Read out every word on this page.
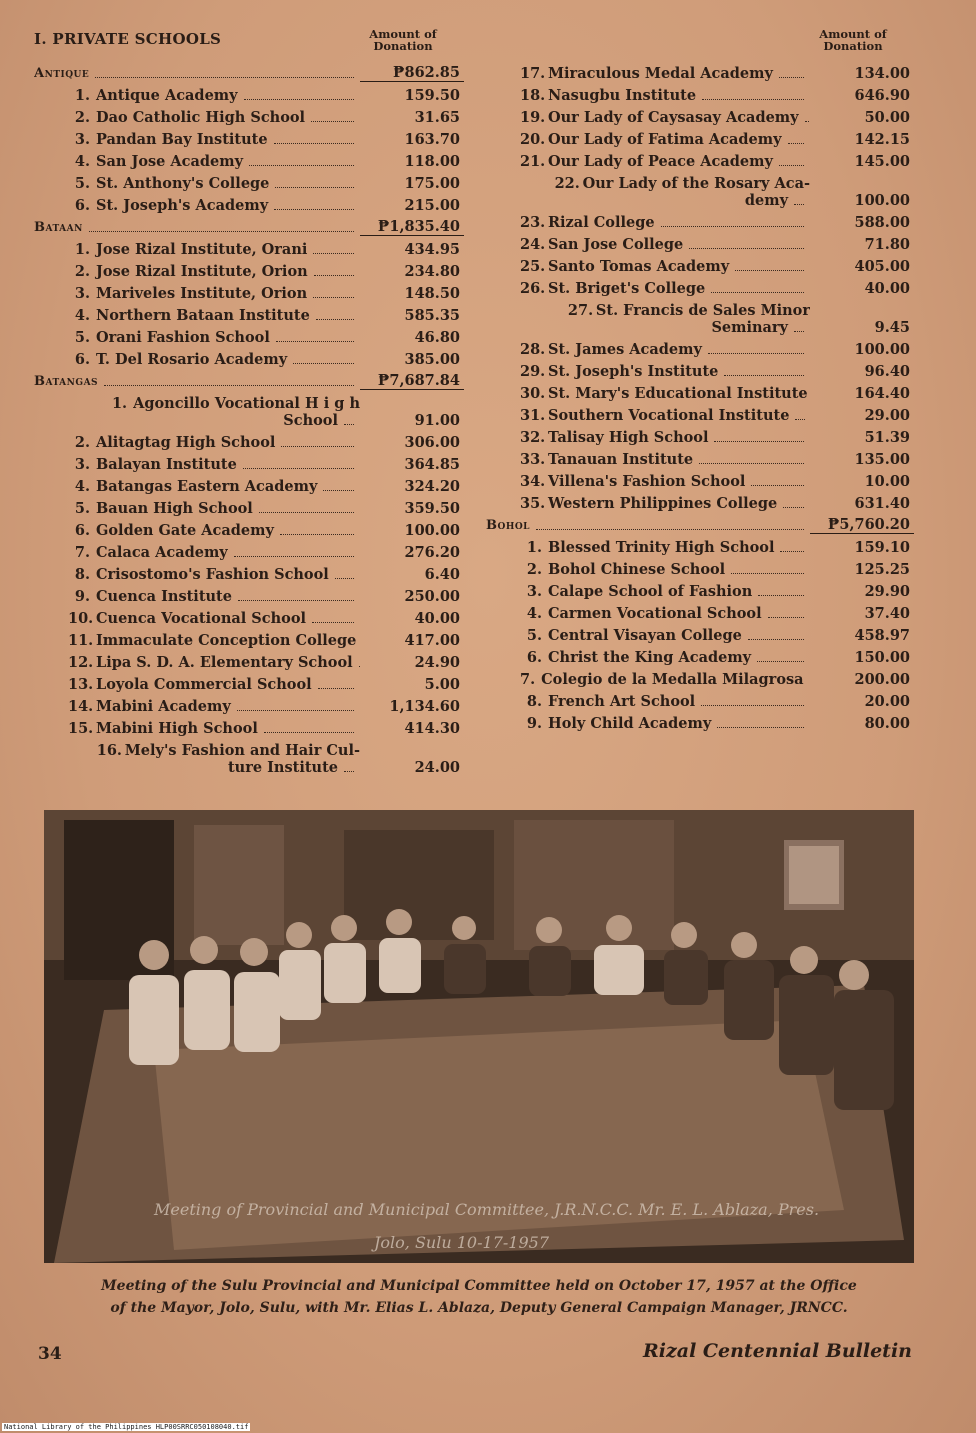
I. PRIVATE SCHOOLS	Amount of Donation
Antique	₱862.85
1. Antique Academy	159.50
2. Dao Catholic High School	31.65
3. Pandan Bay Institute	163.70
4. San Jose Academy	118.00
5. St. Anthony's College	175.00
6. St. Joseph's Academy	215.00
Bataan	₱1,835.40
1. Jose Rizal Institute, Orani	434.95
2. Jose Rizal Institute, Orion	234.80
3. Mariveles Institute, Orion	148.50
4. Northern Bataan Institute	585.35
5. Orani Fashion School	46.80
6. T. Del Rosario Academy	385.00
Batangas	₱7,687.84
1. Agoncillo Vocational H i g h
School	91.00
2. Alitagtag High School	306.00
3. Balayan Institute	364.85
4. Batangas Eastern Academy	324.20
5. Bauan High School	359.50
6. Golden Gate Academy	100.00
7. Calaca Academy	276.20
8. Crisostomo's Fashion School	6.40
9. Cuenca Institute	250.00
10. Cuenca Vocational School	40.00
11. Immaculate Conception College	417.00
12. Lipa S. D. A. Elementary School	24.90
13. Loyola Commercial School	5.00
14. Mabini Academy	1,134.60
15. Mabini High School	414.30
16. Mely's Fashion and Hair Cul-
ture Institute	24.00
Amount of Donation
17. Miraculous Medal Academy	134.00
18. Nasugbu Institute	646.90
19. Our Lady of Caysasay Academy	50.00
20. Our Lady of Fatima Academy	142.15
21. Our Lady of Peace Academy	145.00
22. Our Lady of the Rosary Aca-
demy	100.00
23. Rizal College	588.00
24. San Jose College	71.80
25. Santo Tomas Academy	405.00
26. St. Briget's College	40.00
27. St. Francis de Sales Minor
Seminary	9.45
28. St. James Academy	100.00
29. St. Joseph's Institute	96.40
30. St. Mary's Educational Institute	164.40
31. Southern Vocational Institute	29.00
32. Talisay High School	51.39
33. Tanauan Institute	135.00
34. Villena's Fashion School	10.00
35. Western Philippines College	631.40
Bohol	₱5,760.20
1. Blessed Trinity High School	159.10
2. Bohol Chinese School	125.25
3. Calape School of Fashion	29.90
4. Carmen Vocational School	37.40
5. Central Visayan College	458.97
6. Christ the King Academy	150.00
7. Colegio de la Medalla Milagrosa	200.00
8. French Art School	20.00
9. Holy Child Academy	80.00
Meeting of Provincial and Municipal Committee, J.R.N.C.C. Mr. E. L. Ablaza, Pres.
Jolo, Sulu 10-17-1957
Meeting of the Sulu Provincial and Municipal Committee held on October 17, 1957 at the Office
of the Mayor, Jolo, Sulu, with Mr. Elias L. Ablaza, Deputy General Campaign Manager, JRNCC.
34	Rizal Centennial Bulletin
National Library of the Philippines HLP00SRRC050108040.tif
